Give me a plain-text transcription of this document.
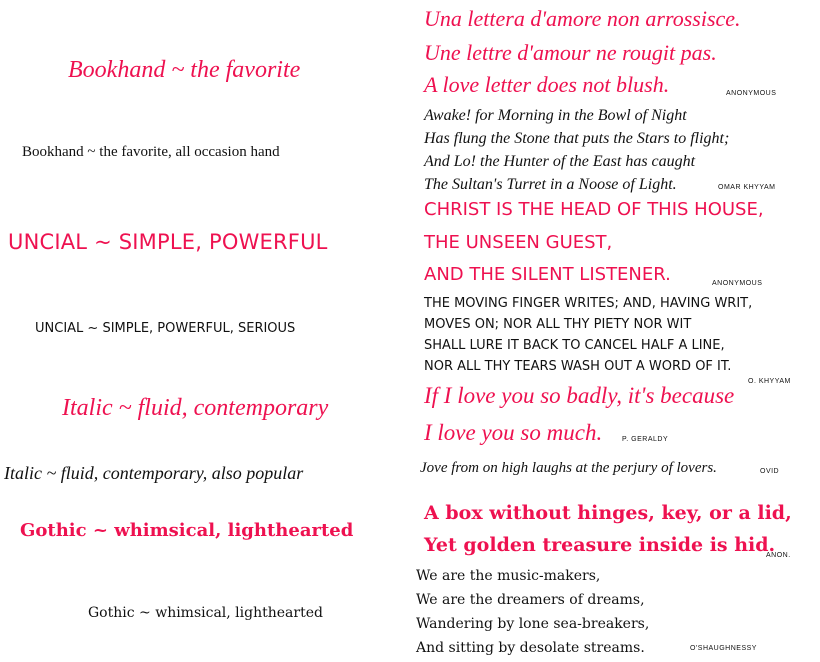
Bookhand ~ the favorite
Bookhand ~ the favorite, all occasion hand
UNCIAL ~ SIMPLE, POWERFUL
UNCIAL ~ SIMPLE, POWERFUL, SERIOUS
Italic ~ fluid, contemporary
Italic ~ fluid, contemporary, also popular
Gothic ~ whimsical, lighthearted
Gothic ~ whimsical, lighthearted
Una lettera d'amore non arrossisce.
Une lettre d'amour ne rougit pas.
A love letter does not blush.	ANONYMOUS
Awake! for Morning in the Bowl of Night
Has flung the Stone that puts the Stars to flight;
And Lo! the Hunter of the East has caught
The Sultan's Turret in a Noose of Light.	OMAR KHYYAM
CHRIST IS THE HEAD OF THIS HOUSE,
THE UNSEEN GUEST,
AND THE SILENT LISTENER.	ANONYMOUS
THE MOVING FINGER WRITES; AND, HAVING WRIT,
MOVES ON; NOR ALL THY PIETY NOR WIT
SHALL LURE IT BACK TO CANCEL HALF A LINE,
NOR ALL THY TEARS WASH OUT A WORD OF IT.
O. KHYYAM
If I love you so badly, it's because
I love you so much.	P. GERALDY
Jove from on high laughs at the perjury of lovers.	OVID
A box without hinges, key, or a lid,
Yet golden treasure inside is hid.
ANON.
We are the music-makers,
We are the dreamers of dreams,
Wandering by lone sea-breakers,
And sitting by desolate streams.	O'SHAUGHNESSY
